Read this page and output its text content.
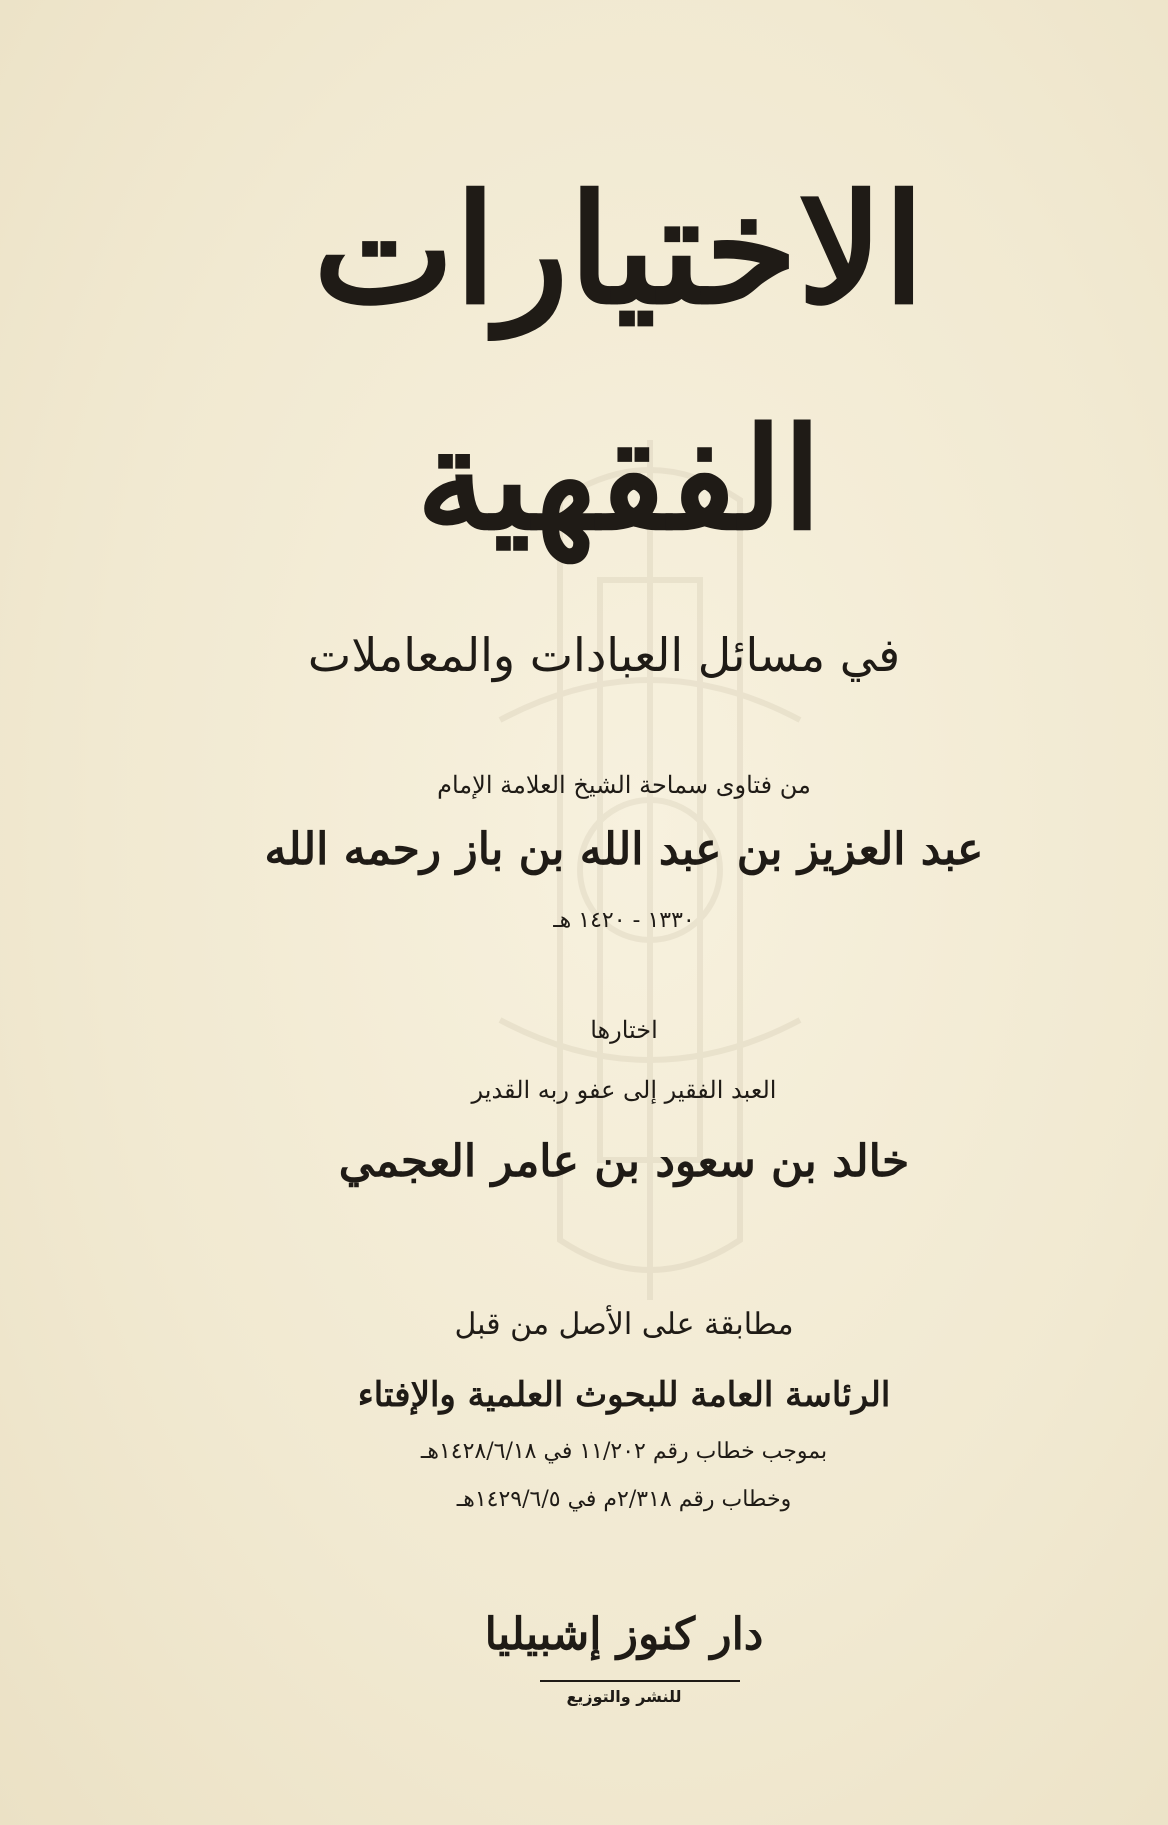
الاختيارات
الفقهية
في مسائل العبادات والمعاملات
من فتاوى سماحة الشيخ العلامة الإمام
عبد العزيز بن عبد الله بن باز رحمه الله
١٣٣٠ - ١٤٢٠ هـ
اختارها
العبد الفقير إلى عفو ربه القدير
خالد بن سعود بن عامر العجمي
مطابقة على الأصل من قبل
الرئاسة العامة للبحوث العلمية والإفتاء
بموجب خطاب رقم ١١/٢٠٢ في ١٤٢٨/٦/١٨هـ
وخطاب رقم ٢/٣١٨م في ١٤٢٩/٦/٥هـ
دار كنوز إشبيليا
للنشر والتوزيع
